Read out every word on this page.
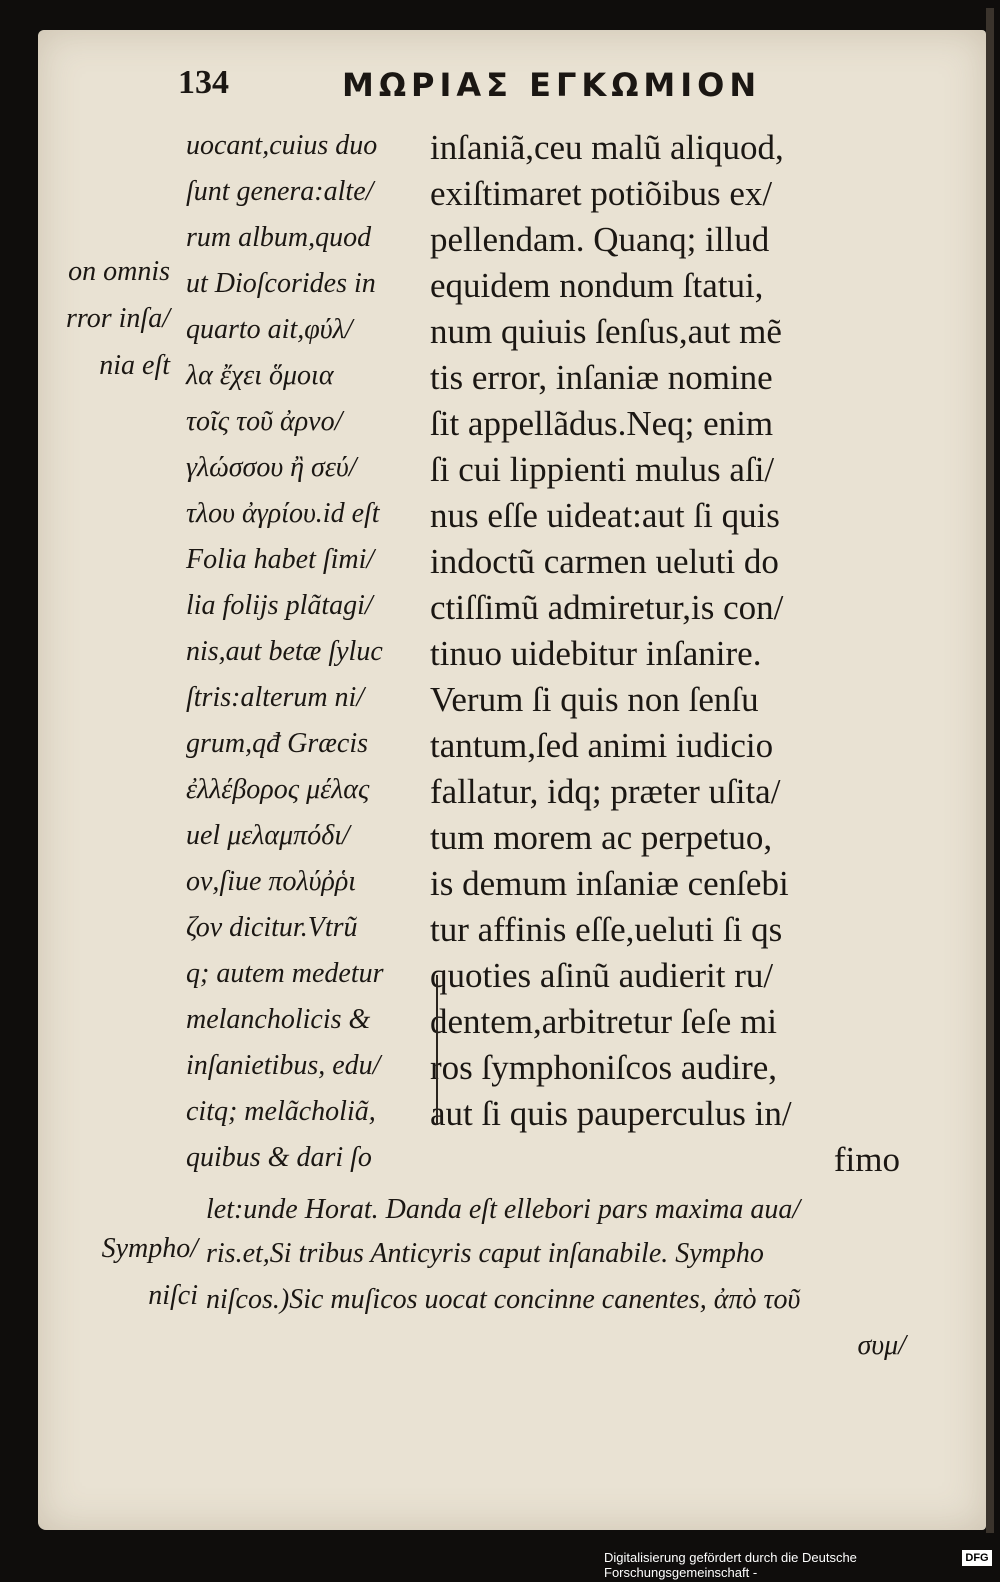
134	ΜΩΡΙΑΣ ΕΓΚΩΜΙΟΝ
on omnis
rror inſa/
nia eſt
Sympho/
niſci
inſaniã,ceu malũ aliquod,
exiſtimaret potiõibus ex/
pellendam. Quanq; illud
equidem nondum ſtatui,
num quiuis ſenſus,aut mẽ
tis error, inſaniæ nomine
ſit appellãdus.Neq; enim
ſi cui lippienti mulus aſi/
nus eſſe uideat:aut ſi quis
indoctũ carmen ueluti do
ctiſſimũ admiretur,is con/
tinuo uidebitur inſanire.
Verum ſi quis non ſenſu
tantum,ſed animi iudicio
fallatur, idq; præter uſita/
tum morem ac perpetuo,
is demum inſaniæ cenſebi
tur affinis eſſe,ueluti ſi qs
quoties aſinũ audierit ru/
dentem,arbitretur ſeſe mi
ros ſymphoniſcos audire,
aut ſi quis pauperculus in/
fimo
uocant,cuius duo
ſunt genera:alte/
rum album,quod
ut Dioſcorides in
quarto ait,φύλ/
λα ἔχει ὅμοια
τοῖς τοῦ ἀρνο/
γλώσσου ἢ σεύ/
τλου ἀγρίου.id eſt
Folia habet ſimi/
lia folijs plãtagi/
nis,aut betæ ſyluc
ſtris:alterum ni/
grum,qđ Græcis
ἐλλέβορος μέλας
uel μελαμπόδι/
ον,ſiue πολύῤῥι
ζον dicitur.Vtrũ
q; autem medetur
melancholicis &
inſanietibus, edu/
citq; melãcholiã,
quibus & dari ſo
let:unde Horat. Danda eſt ellebori pars maxima aua/
ris.et,Si tribus Anticyris caput inſanabile. Sympho
niſcos.)Sic muſicos uocat concinne canentes, ἀπὸ τοῦ
συμ/
Digitalisierung gefördert durch die Deutsche Forschungsgemeinschaft -
DFG
